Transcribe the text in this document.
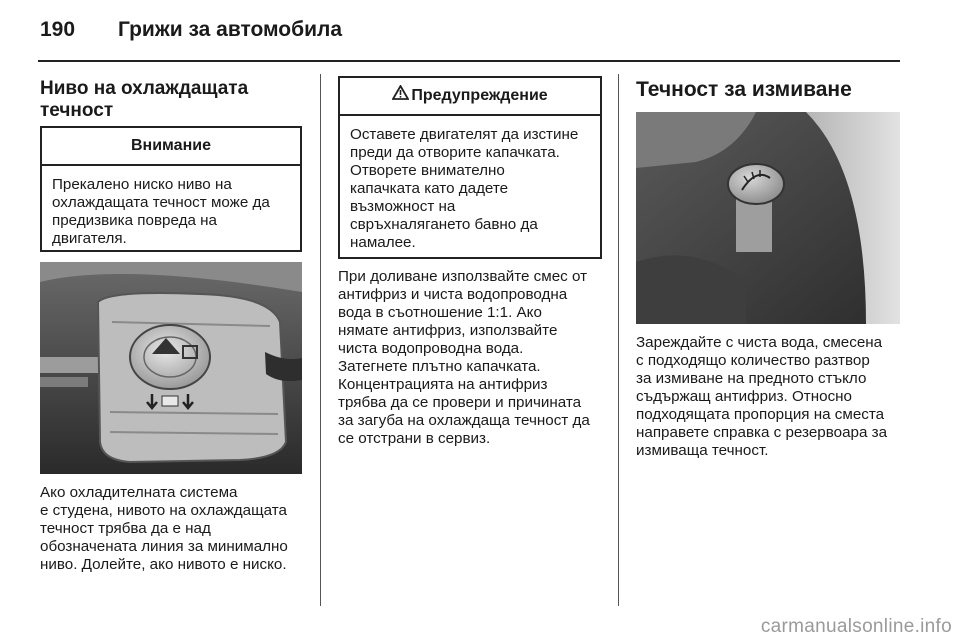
190 Грижи за автомобила
Ниво на охлаждащата
течност
Внимание
Прекалено ниско ниво на
охлаждащата течност може да
предизвика повреда на
двигателя.
Ако охладителната система
е студена, нивото на охлаждащата
течност трябва да е над
обозначената линия за минимално
ниво. Долейте, ако нивото е ниско.
Предупреждение
Оставете двигателят да изстине
преди да отворите капачката.
Отворете внимателно
капачката като дадете
възможност на
свръхналягането бавно да
намалее.
При доливане използвайте смес от
антифриз и чиста водопроводна
вода в съотношение 1:1. Ако
нямате антифриз, използвайте
чиста водопроводна вода.
Затегнете плътно капачката.
Концентрацията на антифриз
трябва да се провери и причината
за загуба на охлаждаща течност да
се отстрани в сервиз.
Течност за измиване
Зареждайте с чиста вода, смесена
с подходящо количество разтвор
за измиване на предното стъкло
съдържащ антифриз. Относно
подходящата пропорция на сместа
направете справка с резервоара за
измиваща течност.
carmanualsonline.info
